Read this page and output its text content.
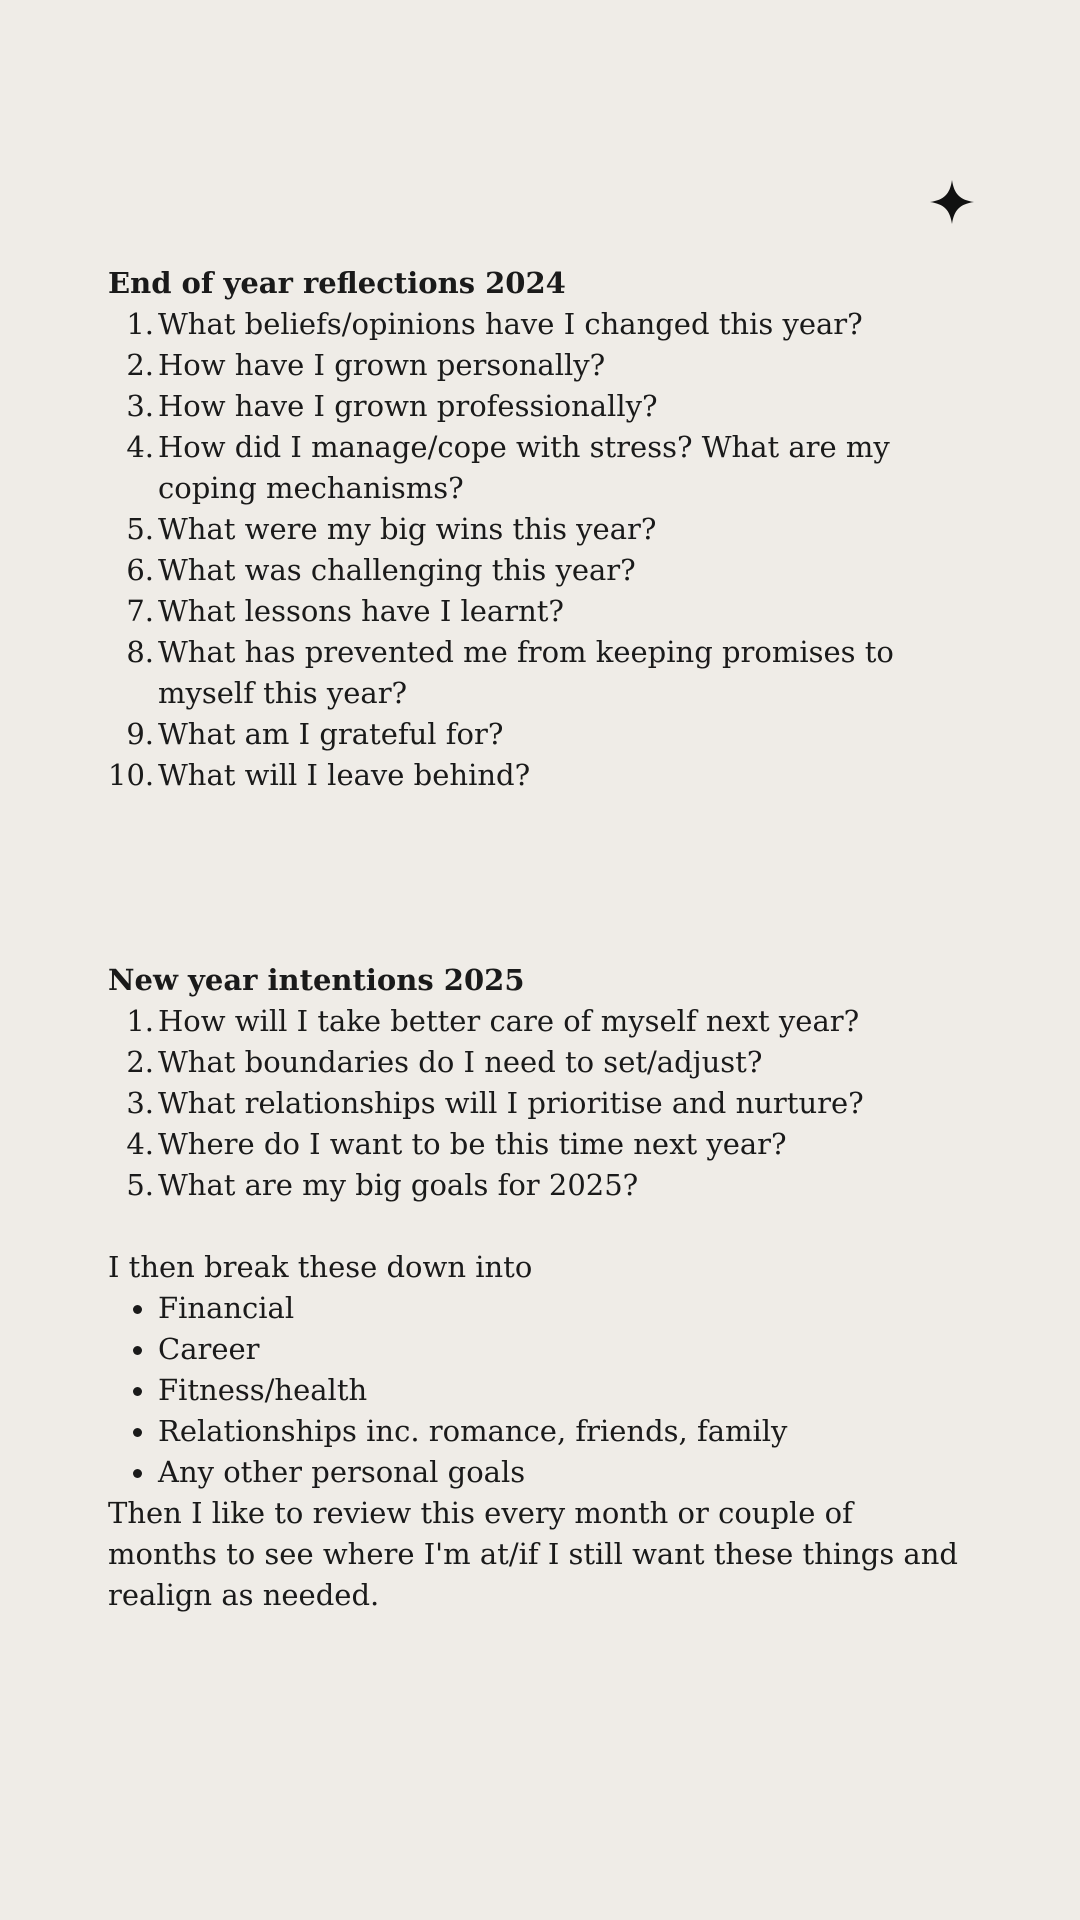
End of year reflections 2024
1. What beliefs/opinions have I changed this year?
2. How have I grown personally?
3. How have I grown professionally?
4. How did I manage/cope with stress? What are my coping mechanisms?
5. What were my big wins this year?
6. What was challenging this year?
7. What lessons have I learnt?
8. What has prevented me from keeping promises to myself this year?
9. What am I grateful for?
10. What will I leave behind?
New year intentions 2025
1. How will I take better care of myself next year?
2. What boundaries do I need to set/adjust?
3. What relationships will I prioritise and nurture?
4. Where do I want to be this time next year?
5. What are my big goals for 2025?

I then break these down into

Financial
Career
Fitness/health
Relationships inc. romance, friends, family
Any other personal goals

Then I like to review this every month or couple of months to see where I'm at/if I still want these things and realign as needed.
